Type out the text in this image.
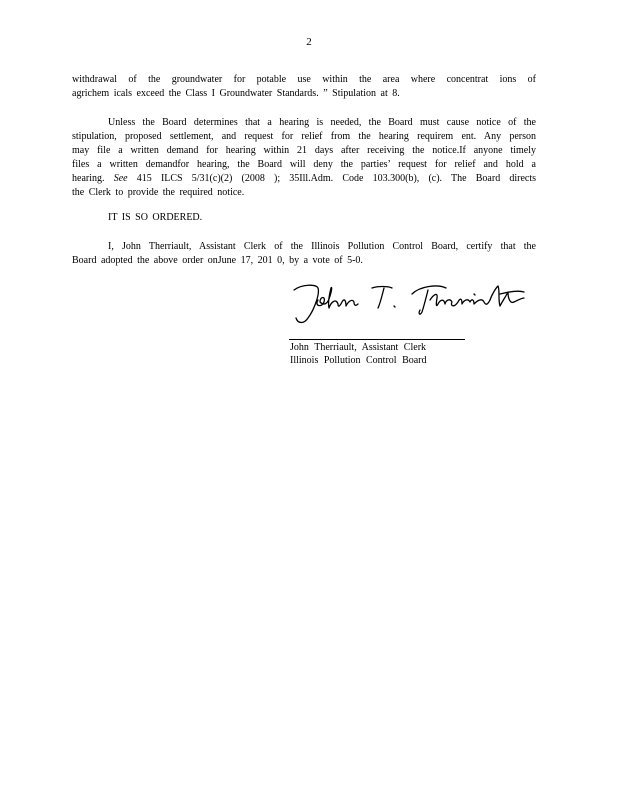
2
withdrawal of the groundwater for potable use within the area where concentrat ions of
agrichem icals exceed the Class I Groundwater Standards. ” Stipulation at 8.
Unless the Board determines that a hearing is needed, the Board must cause notice of the
stipulation, proposed settlement, and request for relief from the hearing requirem ent. Any person
may file a written demand for hearing within 21 days after receiving the notice.If anyone timely
files a written demandfor hearing, the Board will deny the parties’ request for relief and hold a
hearing. See 415 ILCS 5/31(c)(2) (2008 ); 35Ill.Adm. Code 103.300(b), (c). The Board directs
the Clerk to provide the required notice.
IT IS SO ORDERED.
I, John Therriault, Assistant Clerk of the Illinois Pollution Control Board, certify that the
Board adopted the above order onJune 17, 201 0, by a vote of 5-0.
John Therriault, Assistant Clerk
Illinois Pollution Control Board
